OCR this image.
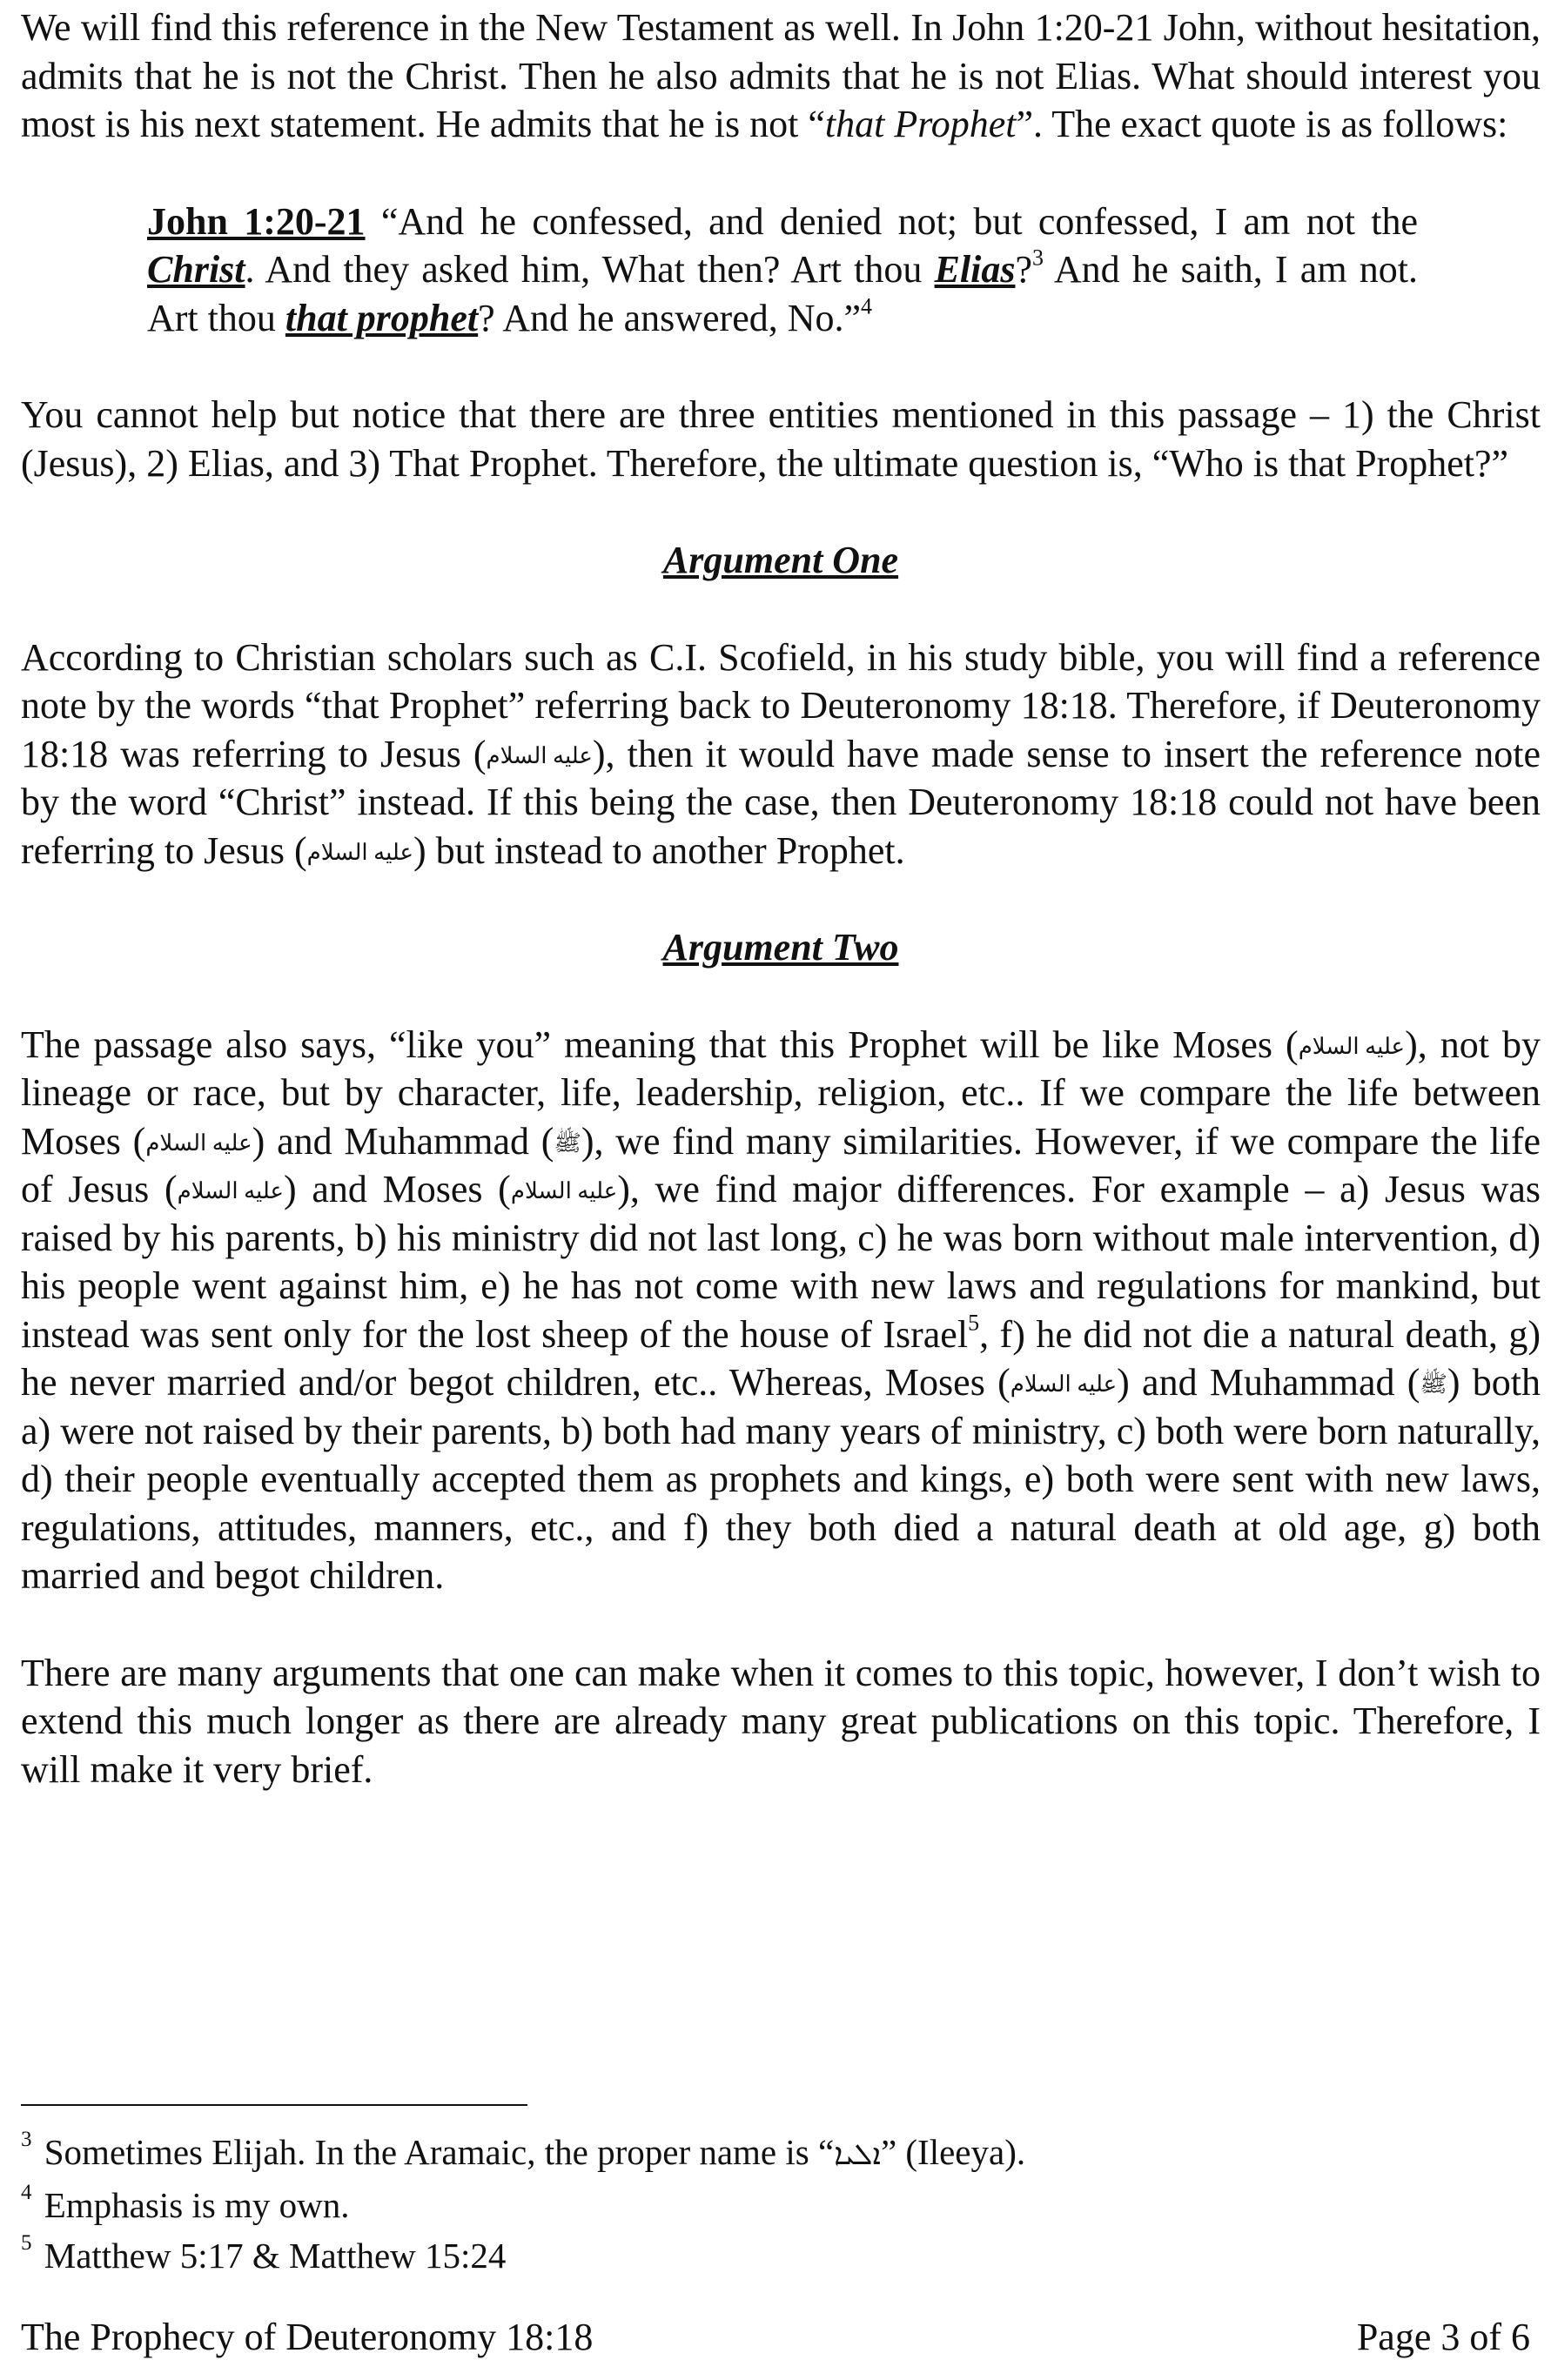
We will find this reference in the New Testament as well. In John 1:20-21 John, without hesitation, admits that he is not the Christ. Then he also admits that he is not Elias. What should interest you most is his next statement. He admits that he is not “that Prophet”. The exact quote is as follows:

John 1:20-21 “And he confessed, and denied not; but confessed, I am not the Christ. And they asked him, What then? Art thou Elias?$^3$ And he saith, I am not. Art thou that prophet? And he answered, No.”$^4$

You cannot help but notice that there are three entities mentioned in this passage – 1) the Christ (Jesus), 2) Elias, and 3) That Prophet. Therefore, the ultimate question is, “Who is that Prophet?”

Argument One

According to Christian scholars such as C.I. Scofield, in his study bible, you will find a reference note by the words “that Prophet” referring back to Deuteronomy 18:18. Therefore, if Deuteronomy 18:18 was referring to Jesus (عليه السلام), then it would have made sense to insert the reference note by the word “Christ” instead. If this being the case, then Deuteronomy 18:18 could not have been referring to Jesus (عليه السلام) but instead to another Prophet.

Argument Two

The passage also says, “like you” meaning that this Prophet will be like Moses (عليه السلام), not by lineage or race, but by character, life, leadership, religion, etc.. If we compare the life between Moses (عليه السلام) and Muhammad (ﷺ), we find many similarities. However, if we compare the life of Jesus (عليه السلام) and Moses (عليه السلام), we find major differences. For example – a) Jesus was raised by his parents, b) his ministry did not last long, c) he was born without male intervention, d) his people went against him, e) he has not come with new laws and regulations for mankind, but instead was sent only for the lost sheep of the house of Israel$^5$, f) he did not die a natural death, g) he never married and/or begot children, etc.. Whereas, Moses (عليه السلام) and Muhammad (ﷺ) both a) were not raised by their parents, b) both had many years of ministry, c) both were born naturally, d) their people eventually accepted them as prophets and kings, e) both were sent with new laws, regulations, attitudes, manners, etc., and f) they both died a natural death at old age, g) both married and begot children.

There are many arguments that one can make when it comes to this topic, however, I don’t wish to extend this much longer as there are already many great publications on this topic. Therefore, I will make it very brief.

$^3$ Sometimes Elijah. In the Aramaic, the proper name is “ܐܠܝܐ” (Ileeya).
$^4$ Emphasis is my own.
$^5$ Matthew 5:17 & Matthew 15:24
The Prophecy of Deuteronomy 18:18	Page 3 of 6
